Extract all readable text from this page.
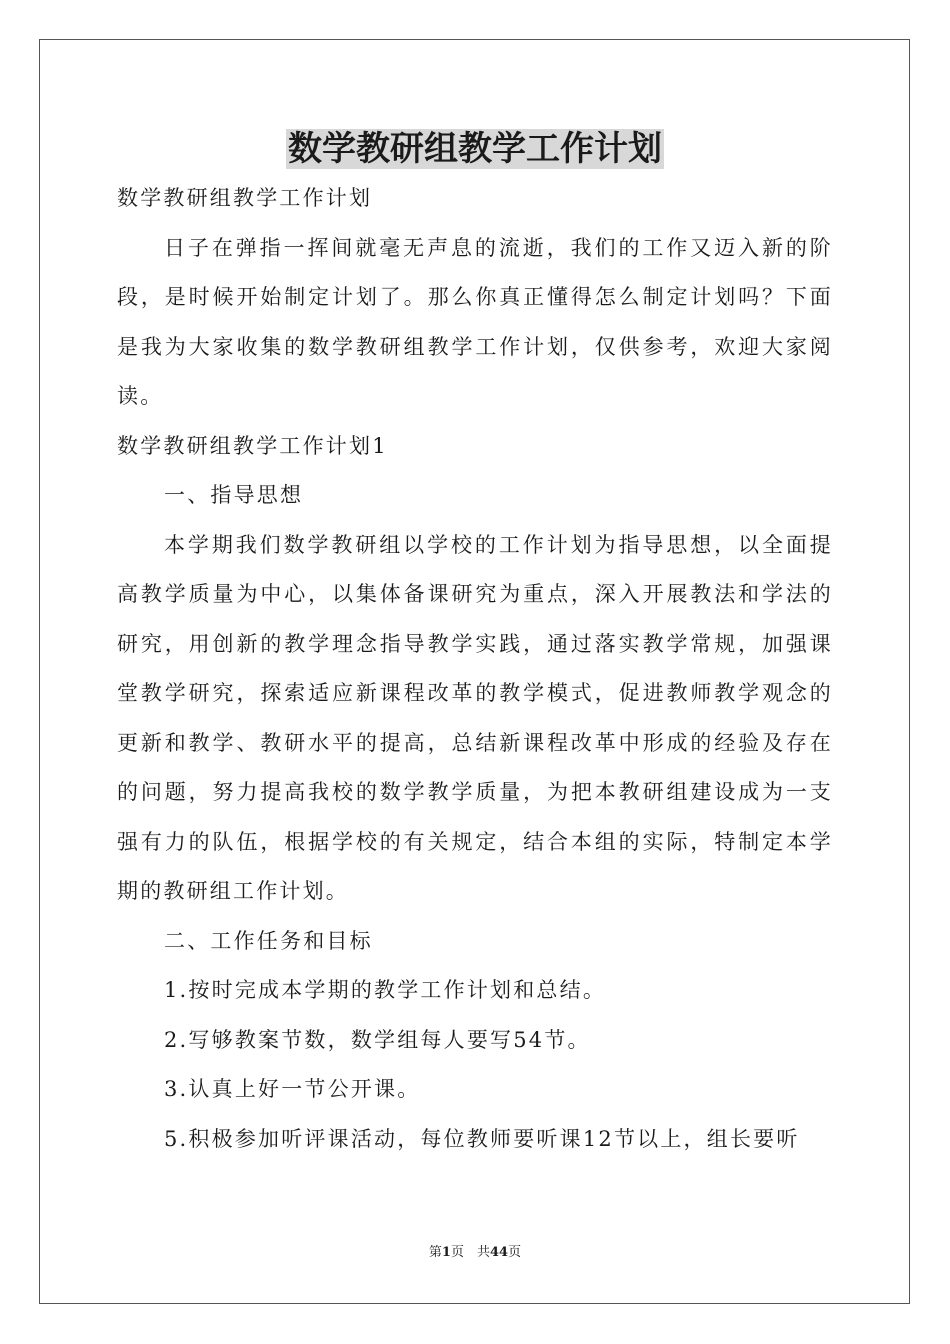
数学教研组教学工作计划

数学教研组教学工作计划

日子在弹指一挥间就毫无声息的流逝，我们的工作又迈入新的阶段，是时候开始制定计划了。那么你真正懂得怎么制定计划吗？下面是我为大家收集的数学教研组教学工作计划，仅供参考，欢迎大家阅读。

数学教研组教学工作计划1

一、指导思想

本学期我们数学教研组以学校的工作计划为指导思想，以全面提高教学质量为中心，以集体备课研究为重点，深入开展教法和学法的研究，用创新的教学理念指导教学实践，通过落实教学常规，加强课堂教学研究，探索适应新课程改革的教学模式，促进教师教学观念的更新和教学、教研水平的提高，总结新课程改革中形成的经验及存在的问题，努力提高我校的数学教学质量，为把本教研组建设成为一支强有力的队伍，根据学校的有关规定，结合本组的实际，特制定本学期的教研组工作计划。

二、工作任务和目标

1.按时完成本学期的教学工作计划和总结。

2.写够教案节数，数学组每人要写54节。

3.认真上好一节公开课。

5.积极参加听评课活动，每位教师要听课12节以上，组长要听

第1页　共44页
